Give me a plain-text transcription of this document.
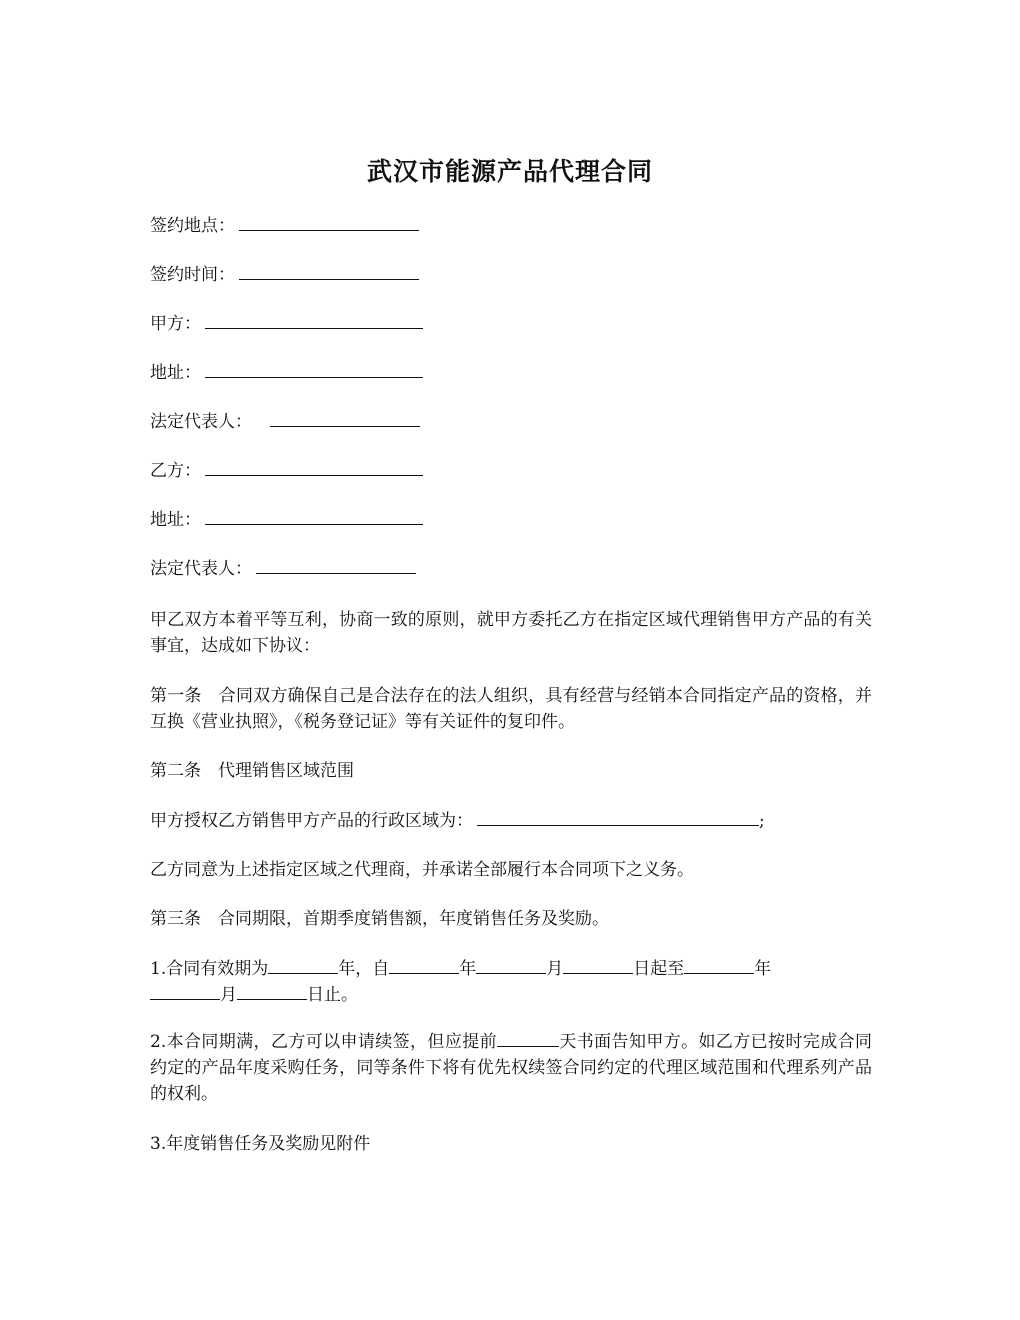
武汉市能源产品代理合同
签约地点：
签约时间：
甲方：
地址：
法定代表人：
乙方：
地址：
法定代表人：
甲乙双方本着平等互利，协商一致的原则，就甲方委托乙方在指定区域代理销售甲方产品的有关事宜，达成如下协议：
第一条　合同双方确保自己是合法存在的法人组织，具有经营与经销本合同指定产品的资格，并互换《营业执照》，《税务登记证》等有关证件的复印件。
第二条　代理销售区域范围
甲方授权乙方销售甲方产品的行政区域为：	;
乙方同意为上述指定区域之代理商，并承诺全部履行本合同项下之义务。
第三条　合同期限，首期季度销售额，年度销售任务及奖励。
1.合同有效期为	年，自	年	月	日起至	年
月	日止。
2.本合同期满，乙方可以申请续签，但应提前	天书面告知甲方。如乙方已按时完成合同约定的产品年度采购任务，同等条件下将有优先权续签合同约定的代理区域范围和代理系列产品的权利。
3.年度销售任务及奖励见附件
